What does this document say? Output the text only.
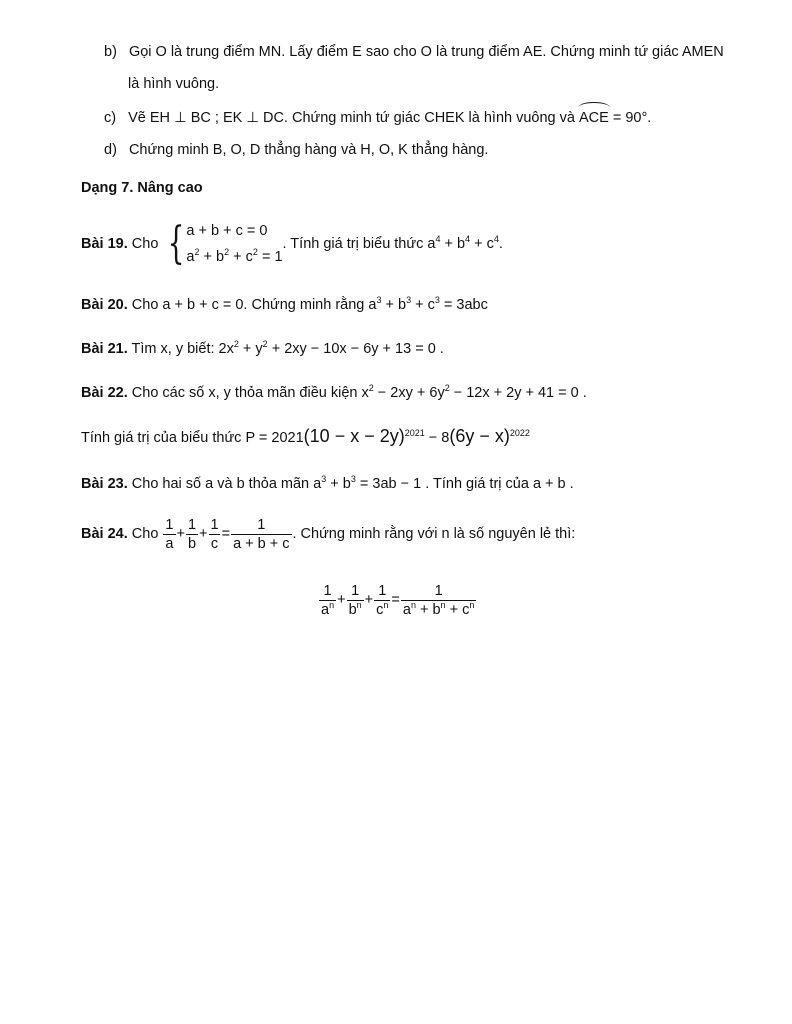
b) Gọi O là trung điểm MN. Lấy điểm E sao cho O là trung điểm AE. Chứng minh tứ giác AMEN
là hình vuông.
c) Vẽ EH ⊥ BC ; EK ⊥ DC. Chứng minh tứ giác CHEK là hình vuông và ACE = 90°.
d) Chứng minh B, O, D thẳng hàng và H, O, K thẳng hàng.
Dạng 7. Nâng cao
Bài 19. Cho { a + b + c = 0
$a^2 + b^2 + c^2 = 1$
. Tính giá trị biểu thức $a^4 + b^4 + c^4$.
Bài 20. Cho a + b + c = 0. Chứng minh rằng $a^3 + b^3 + c^3 = 3abc$
Bài 21. Tìm x, y biết: $2x^2 + y^2 + 2xy - 10x - 6y + 13 = 0$ .
Bài 22. Cho các số x, y thỏa mãn điều kiện $x^2 - 2xy + 6y^2 - 12x + 2y + 41 = 0$ .
Tính giá trị của biểu thức $P = 2021(10 - x - 2y)^{2021} - 8(6y - x)^{2022}$
Bài 23. Cho hai số a và b thỏa mãn $a^3 + b^3 = 3ab - 1$ . Tính giá trị của a + b .
Bài 24. Cho $\frac{1}{a} + \frac{1}{b} + \frac{1}{c} = \frac{1}{a + b + c}$ . Chứng minh rằng với n là số nguyên lẻ thì:
$\frac{1}{a^n} + \frac{1}{b^n} + \frac{1}{c^n} = \frac{1}{a^n + b^n + c^n}$
